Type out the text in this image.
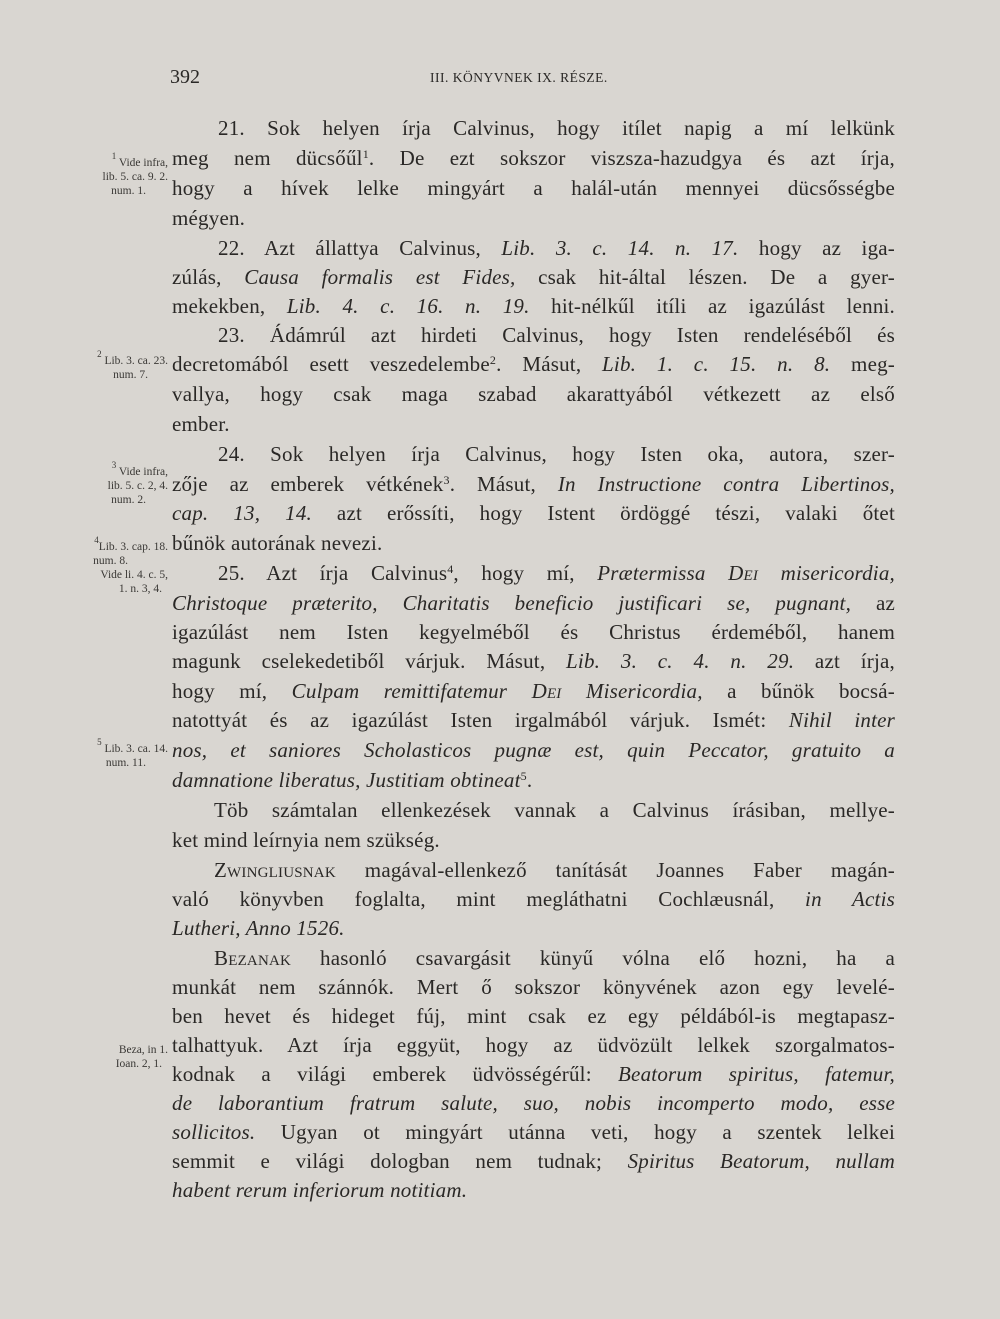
392	III. KÖNYVNEK IX. RÉSZE.
$^1$ Vide infra,
lib. 5. ca. 9. 2.
num. 1.
$^2$ Lib. 3. ca. 23.
num. 7.
$^3$ Vide infra,
lib. 5. c. 2, 4.
num. 2.
$^4$Lib. 3. cap. 18.
num. 8.
Vide li. 4. c. 5,
1. n. 3, 4.
$^5$ Lib. 3. ca. 14.
num. 11.
Beza, in 1.
Ioan. 2, 1.
21. Sok helyen írja Calvinus, hogy itílet napig a mí lelkünk
meg nem dücsőűl$^1$. De ezt sokszor viszsza-hazudgya és azt írja,
hogy a hívek lelke mingyárt a halál-után mennyei dücsősségbe
mégyen.
22. Azt állattya Calvinus, Lib. 3. c. 14. n. 17. hogy az iga-
zúlás, Causa formalis est Fides, csak hit-által lészen. De a gyer-
mekekben, Lib. 4. c. 16. n. 19. hit-nélkűl itíli az igazúlást lenni.
23. Ádámrúl azt hirdeti Calvinus, hogy Isten rendeléséből és
decretomából esett veszedelembe$^2$. Másut, Lib. 1. c. 15. n. 8. meg-
vallya, hogy csak maga szabad akarattyából vétkezett az első
ember.
24. Sok helyen írja Calvinus, hogy Isten oka, autora, szer-
zője az emberek vétkének$^3$. Másut, In Instructione contra Libertinos,
cap. 13, 14. azt erőssíti, hogy Istent ördöggé tészi, valaki őtet
bűnök autorának nevezi.
25. Azt írja Calvinus$^4$, hogy mí, Prætermissa Dei misericordia,
Christoque præterito, Charitatis beneficio justificari se, pugnant, az
igazúlást nem Isten kegyelméből és Christus érdeméből, hanem
magunk cselekedetiből várjuk. Másut, Lib. 3. c. 4. n. 29. azt írja,
hogy mí, Culpam remittifatemur Dei Misericordia, a bűnök bocsá-
natottyát és az igazúlást Isten irgalmából várjuk. Ismét: Nihil inter
nos, et saniores Scholasticos pugnæ est, quin Peccator, gratuito a
damnatione liberatus, Justitiam obtineat$^5$.
Töb számtalan ellenkezések vannak a Calvinus írásiban, mellye-
ket mind leírnyia nem szükség.
Zwingliusnak magával-ellenkező tanítását Joannes Faber magán-
való könyvben foglalta, mint megláthatni Cochlæusnál, in Actis
Lutheri, Anno 1526.
Bezanak hasonló csavargásit künyű vólna elő hozni, ha a
munkát nem szánnók. Mert ő sokszor könyvének azon egy levelé-
ben hevet és hideget fúj, mint csak ez egy példából-is megtapasz-
talhattyuk. Azt írja eggyüt, hogy az üdvözült lelkek szorgalmatos-
kodnak a világi emberek üdvösségérűl: Beatorum spiritus, fatemur,
de laborantium fratrum salute, suo, nobis incomperto modo, esse
sollicitos. Ugyan ot mingyárt utánna veti, hogy a szentek lelkei
semmit e világi dologban nem tudnak; Spiritus Beatorum, nullam
habent rerum inferiorum notitiam.
